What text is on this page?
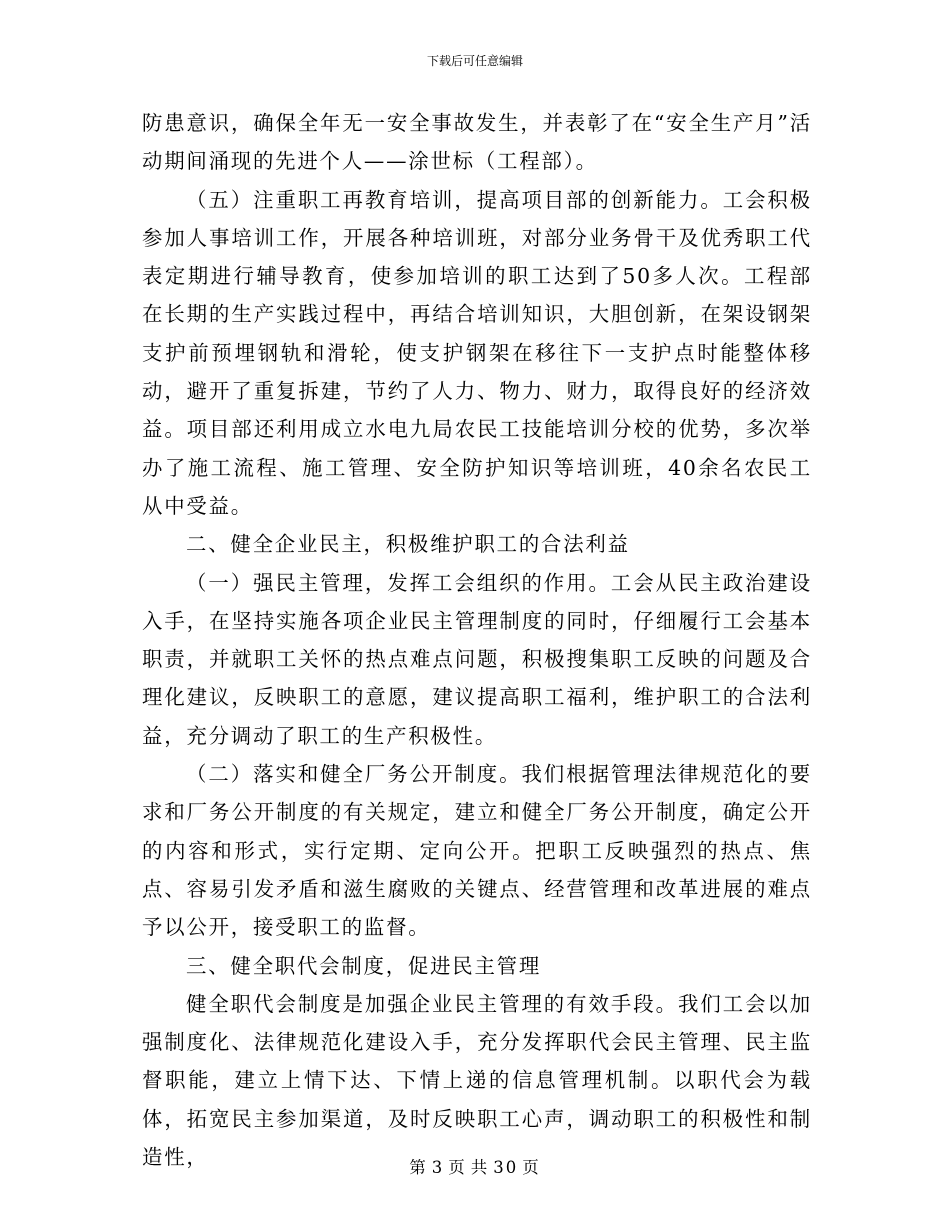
下载后可任意编辑

防患意识，确保全年无一安全事故发生，并表彰了在“安全生产月”活动期间涌现的先进个人——涂世标（工程部）。

（五）注重职工再教育培训，提高项目部的创新能力。工会积极参加人事培训工作，开展各种培训班，对部分业务骨干及优秀职工代表定期进行辅导教育，使参加培训的职工达到了50多人次。工程部在长期的生产实践过程中，再结合培训知识，大胆创新，在架设钢架支护前预埋钢轨和滑轮，使支护钢架在移往下一支护点时能整体移动，避开了重复拆建，节约了人力、物力、财力，取得良好的经济效益。项目部还利用成立水电九局农民工技能培训分校的优势，多次举办了施工流程、施工管理、安全防护知识等培训班，40余名农民工从中受益。

二、健全企业民主，积极维护职工的合法利益

（一）强民主管理，发挥工会组织的作用。工会从民主政治建设入手，在坚持实施各项企业民主管理制度的同时，仔细履行工会基本职责，并就职工关怀的热点难点问题，积极搜集职工反映的问题及合理化建议，反映职工的意愿，建议提高职工福利，维护职工的合法利益，充分调动了职工的生产积极性。

（二）落实和健全厂务公开制度。我们根据管理法律规范化的要求和厂务公开制度的有关规定，建立和健全厂务公开制度，确定公开的内容和形式，实行定期、定向公开。把职工反映强烈的热点、焦点、容易引发矛盾和滋生腐败的关键点、经营管理和改革进展的难点予以公开，接受职工的监督。

三、健全职代会制度，促进民主管理

健全职代会制度是加强企业民主管理的有效手段。我们工会以加强制度化、法律规范化建设入手，充分发挥职代会民主管理、民主监督职能，建立上情下达、下情上递的信息管理机制。以职代会为载体，拓宽民主参加渠道，及时反映职工心声，调动职工的积极性和制造性，	第 3 页 共 30 页
